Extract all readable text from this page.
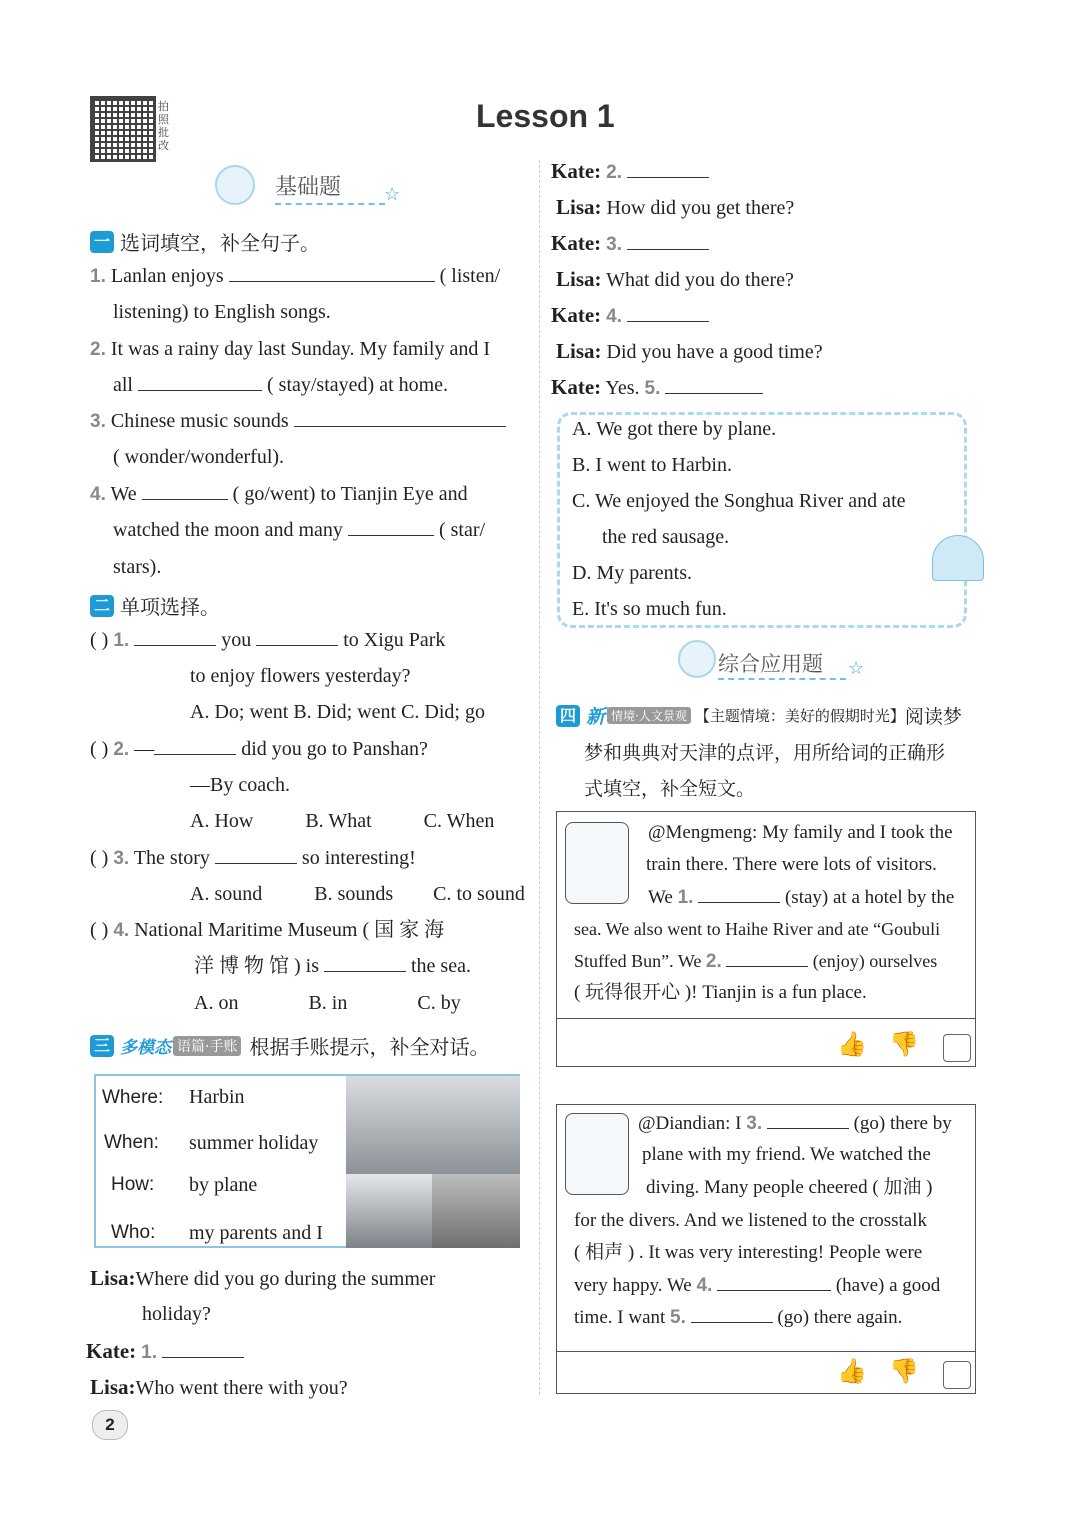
拍照批改
Lesson 1
基础题	☆
一 选词填空，补全句子。
1. Lanlan enjoys	( listen/
listening) to English songs.
2. It was a rainy day last Sunday. My family and I
all	( stay/stayed) at home.
3. Chinese music sounds
( wonder/wonderful).
4. We	( go/went) to Tianjin Eye and
watched the moon and many	( star/
stars).
二 单项选择。
( ) 1.	you	to Xigu Park
to enjoy flowers yesterday?
A. Do; went B. Did; went C. Did; go
( ) 2. —	did you go to Panshan?
—By coach.
A. How	B. What	C. When
( ) 3. The story	so interesting!
A. sound	B. sounds C. to sound
( ) 4. National Maritime Museum ( 国 家 海
洋 博 物 馆 ) is	the sea.
A. on	B. in	C. by
三 多模态 语篇·手账 根据手账提示，补全对话。
Where: Harbin
When: summer holiday
How: by plane
Who: my parents and I
Lisa:Where did you go during the summer
holiday?
Kate: 1.
Lisa:Who went there with you?
Kate: 2.
Lisa: How did you get there?
Kate: 3.
Lisa: What did you do there?
Kate: 4.
Lisa: Did you have a good time?
Kate: Yes. 5.
A. We got there by plane.
B. I went to Harbin.
C. We enjoyed the Songhua River and ate
the red sausage.
D. My parents.
E. It's so much fun.
综合应用题	☆
四 新 情境·人文景观 【主题情境：美好的假期时光】 阅读梦
梦和典典对天津的点评，用所给词的正确形
式填空，补全短文。
👍 👎
@Mengmeng: My family and I took the
train there. There were lots of visitors.
We 1.	(stay) at a hotel by the
sea. We also went to Haihe River and ate “Goubuli
Stuffed Bun”. We 2.	(enjoy) ourselves
( 玩得很开心 )! Tianjin is a fun place.
👍 👎
@Diandian: I 3.	(go) there by
plane with my friend. We watched the
diving. Many people cheered ( 加油 )
for the divers. And we listened to the crosstalk
( 相声 ) . It was very interesting! People were
very happy. We 4.	(have) a good
time. I want 5.	(go) there again.
2
